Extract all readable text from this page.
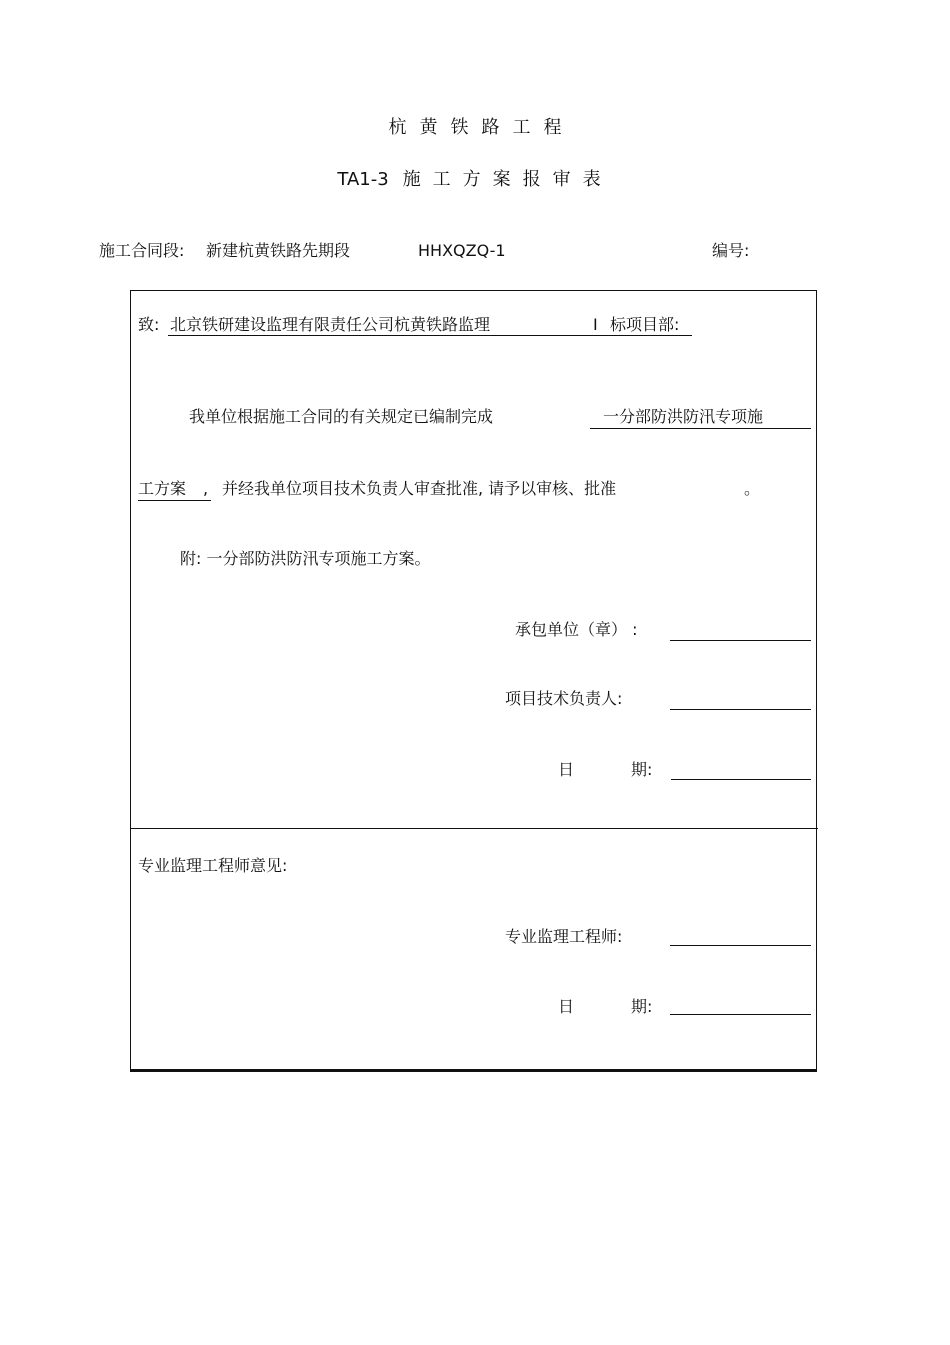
杭黄铁路工程
TA1-3 施工方案报审表
施工合同段: 新建杭黄铁路先期段	HHXQZQ-1	编号:
致: 北京铁研建设监理有限责任公司杭黄铁路监理	I 标项目部:
我单位根据施工合同的有关规定已编制完成	一分部防洪防汛专项施
工方案 , 并经我单位项目技术负责人审查批准, 请予以审核、批准	。
附: 一分部防洪防汛专项施工方案。
承包单位（章） :
项目技术负责人:
日	期:
专业监理工程师意见:
专业监理工程师:
日	期:
